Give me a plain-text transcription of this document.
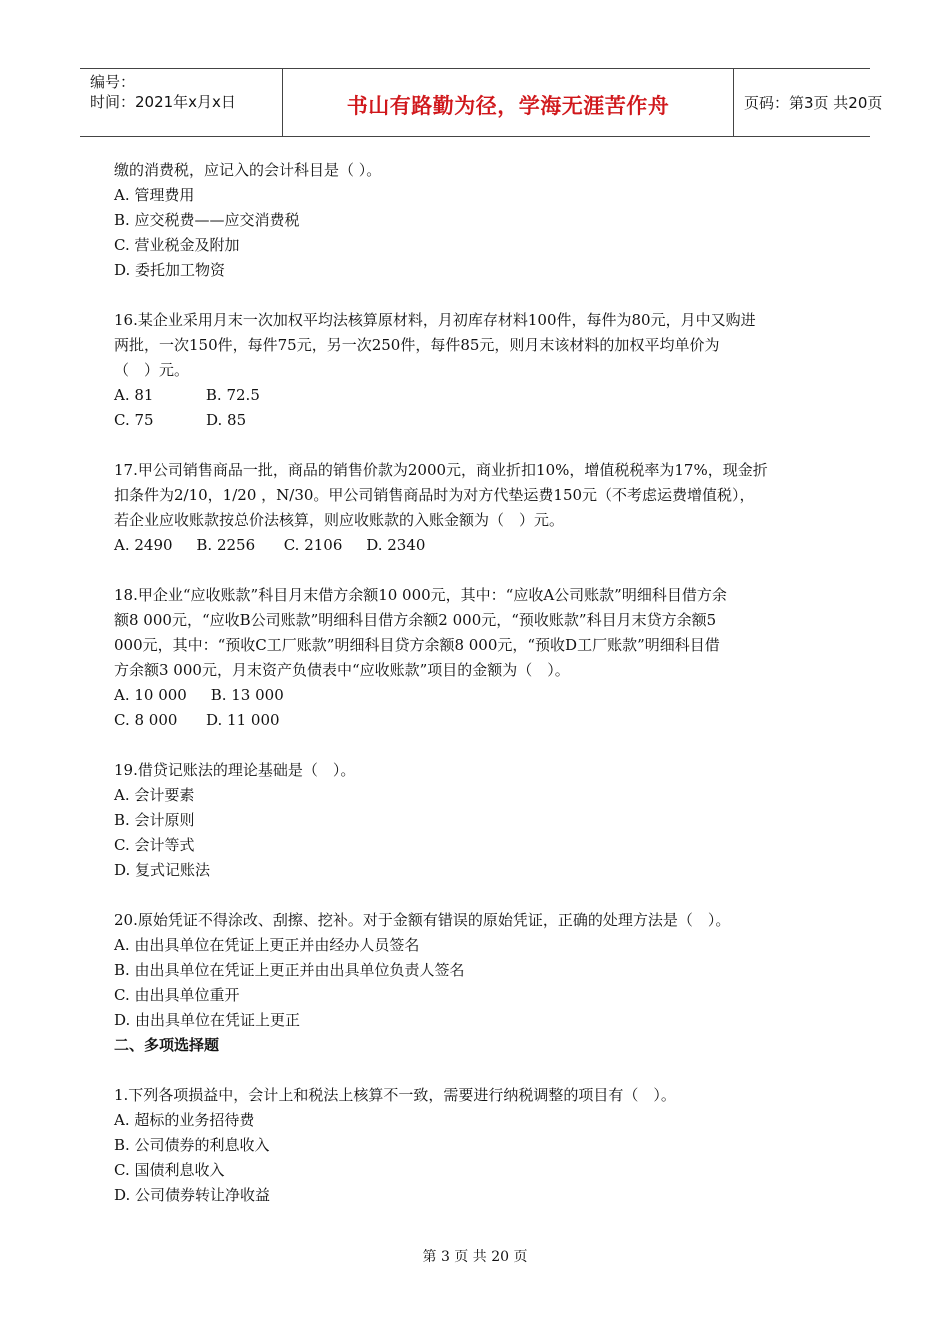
编号：
时间：2021年x月x日	书山有路勤为径，学海无涯苦作舟	页码：第3页 共20页
缴的消费税，应记入的会计科目是（ ）。
A. 管理费用
B. 应交税费——应交消费税
C. 营业税金及附加
D. 委托加工物资
16.某企业采用月末一次加权平均法核算原材料，月初库存材料100件，每件为80元，月中又购进
两批，一次150件，每件75元，另一次250件，每件85元，则月末该材料的加权平均单价为
（　）元。
A. 81           B. 72.5
C. 75           D. 85
17.甲公司销售商品一批，商品的销售价款为2000元，商业折扣10%，增值税税率为17%，现金折
扣条件为2/10，1/20 ，N/30。甲公司销售商品时为对方代垫运费150元（不考虑运费增值税），
若企业应收账款按总价法核算，则应收账款的入账金额为（　）元。
A. 2490     B. 2256      C. 2106     D. 2340
18.甲企业“应收账款”科目月末借方余额10 000元，其中：“应收A公司账款”明细科目借方余
额8 000元，“应收B公司账款”明细科目借方余额2 000元，“预收账款”科目月末贷方余额5
000元，其中：“预收C工厂账款”明细科目贷方余额8 000元，“预收D工厂账款”明细科目借
方余额3 000元，月末资产负债表中“应收账款”项目的金额为（　）。
A. 10 000     B. 13 000
C. 8 000      D. 11 000
19.借贷记账法的理论基础是（　）。
A. 会计要素
B. 会计原则
C. 会计等式
D. 复式记账法
20.原始凭证不得涂改、刮擦、挖补。对于金额有错误的原始凭证，正确的处理方法是（　）。
A. 由出具单位在凭证上更正并由经办人员签名
B. 由出具单位在凭证上更正并由出具单位负责人签名
C. 由出具单位重开
D. 由出具单位在凭证上更正
二、多项选择题
1.下列各项损益中，会计上和税法上核算不一致，需要进行纳税调整的项目有（　）。
A. 超标的业务招待费
B. 公司债券的利息收入
C. 国债利息收入
D. 公司债券转让净收益
第 3 页 共 20 页
